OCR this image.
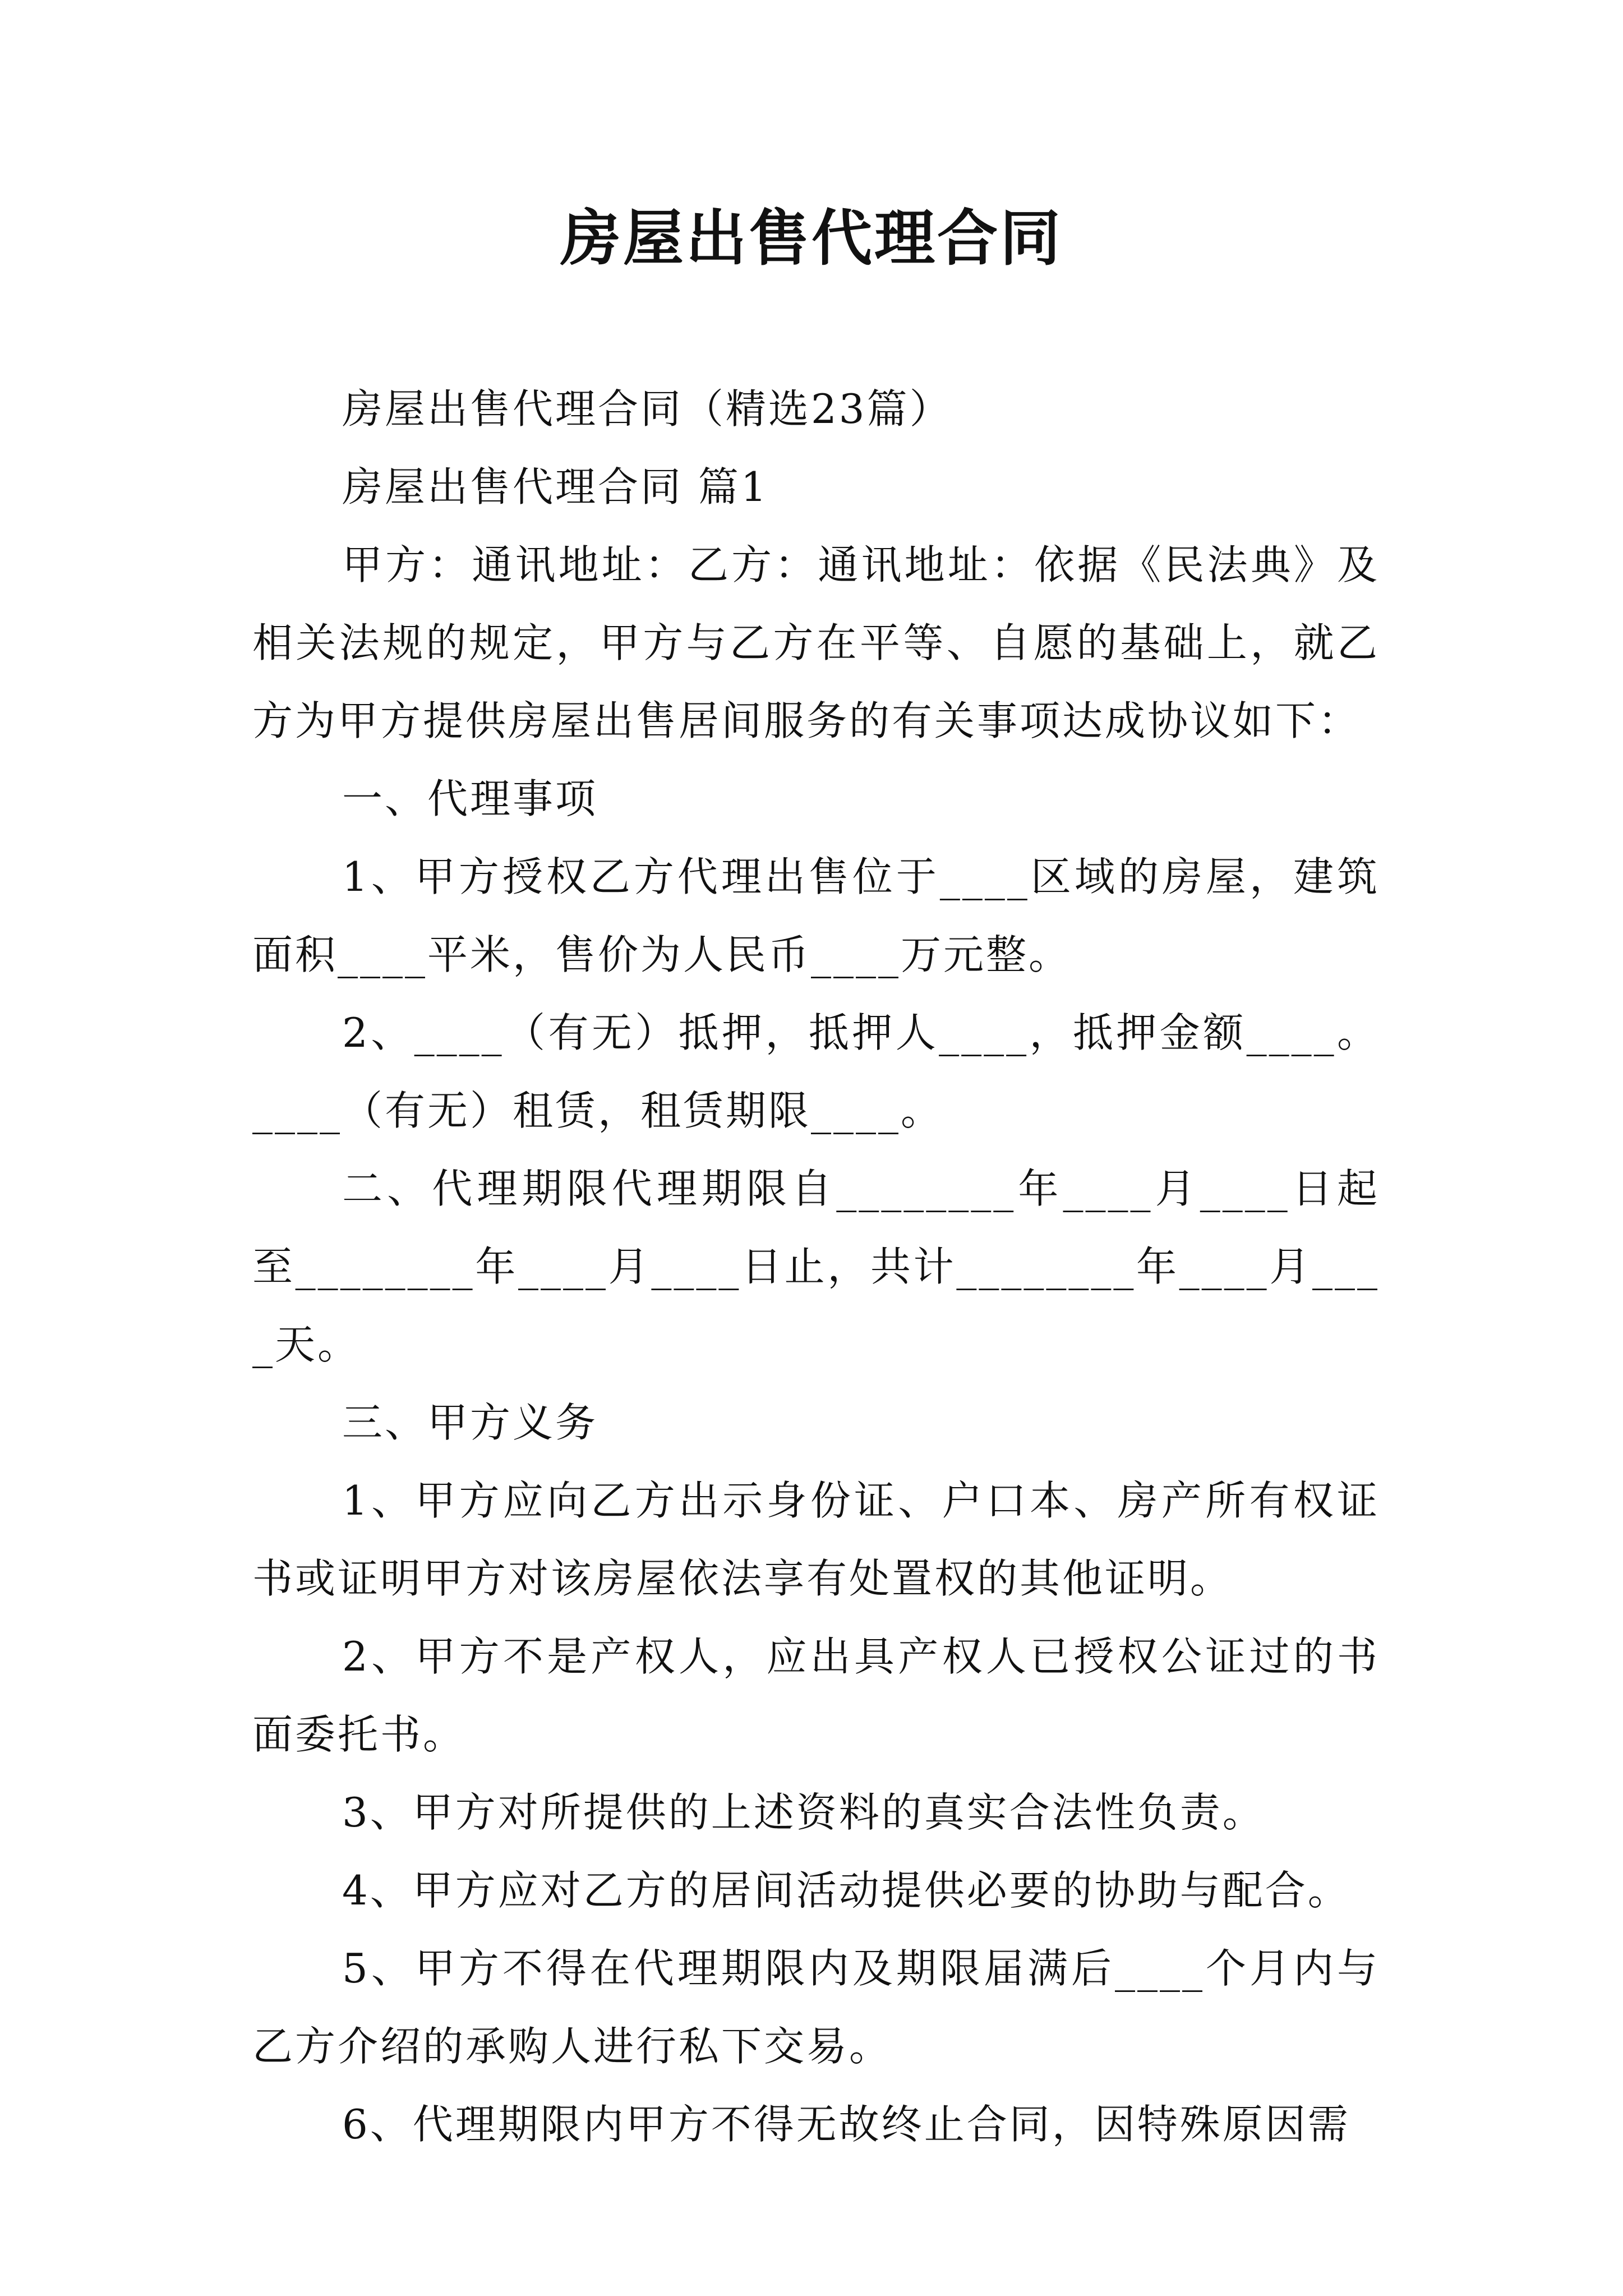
房屋出售代理合同

房屋出售代理合同（精选23篇）

房屋出售代理合同 篇1

甲方：通讯地址：乙方：通讯地址：依据《民法典》及相关法规的规定，甲方与乙方在平等、自愿的基础上，就乙方为甲方提供房屋出售居间服务的有关事项达成协议如下：

一、代理事项

1、甲方授权乙方代理出售位于____区域的房屋，建筑面积____平米，售价为人民币____万元整。

2、____（有无）抵押，抵押人____，抵押金额____。____（有无）租赁，租赁期限____。

二、代理期限代理期限自________年____月____日起至________年____月____日止，共计________年____月____天。

三、甲方义务

1、甲方应向乙方出示身份证、户口本、房产所有权证书或证明甲方对该房屋依法享有处置权的其他证明。

2、甲方不是产权人，应出具产权人已授权公证过的书面委托书。

3、甲方对所提供的上述资料的真实合法性负责。

4、甲方应对乙方的居间活动提供必要的协助与配合。

5、甲方不得在代理期限内及期限届满后____个月内与乙方介绍的承购人进行私下交易。

6、代理期限内甲方不得无故终止合同，因特殊原因需
